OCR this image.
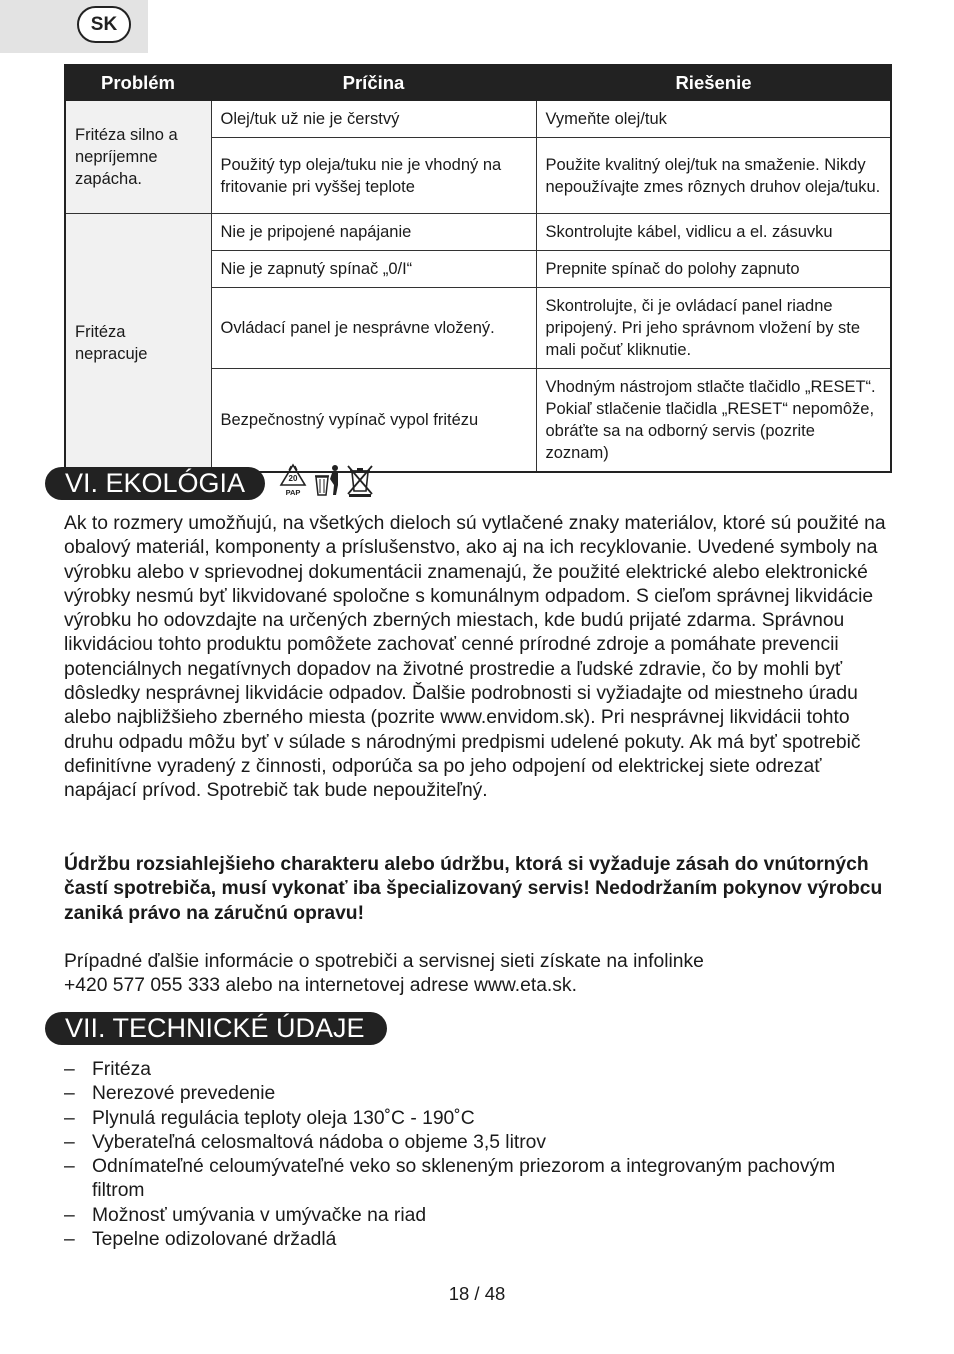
SK
Problém	Príčina	Riešenie
Fritéza silno a nepríjemne zapácha.	Olej/tuk už nie je čerstvý	Vymeňte olej/tuk
	Použitý typ oleja/tuku nie je vhodný na fritovanie pri vyššej teplote	Použite kvalitný olej/tuk na smaženie. Nikdy nepoužívajte zmes rôznych druhov oleja/tuku.
Fritéza nepracuje	Nie je pripojené napájanie	Skontrolujte kábel, vidlicu a el. zásuvku
	Nie je zapnutý spínač „0/I“	Prepnite spínač do polohy zapnuto
	Ovládací panel je nesprávne vložený.	Skontrolujte, či je ovládací panel riadne pripojený. Pri jeho správnom vložení by ste mali počuť kliknutie.
	Bezpečnostný vypínač vypol fritézu	Vhodným nástrojom stlačte tlačidlo „RESET“. Pokiaľ stlačenie tlačidla „RESET“ nepomôže, obráťte sa na odborný servis (pozrite zoznam)
VI. EKOLÓGIA	20
PAP

Ak to rozmery umožňujú, na všetkých dieloch sú vytlačené znaky materiálov, ktoré sú použité na obalový materiál, komponenty a príslušenstvo, ako aj na ich recyklovanie. Uvedené symboly na výrobku alebo v sprievodnej dokumentácii znamenajú, že použité elektrické alebo elektronické výrobky nesmú byť likvidované spoločne s komunálnym odpadom. S cieľom správnej likvidácie výrobku ho odovzdajte na určených zberných miestach, kde budú prijaté zdarma. Správnou likvidáciou tohto produktu pomôžete zachovať cenné prírodné zdroje a pomáhate prevencii potenciálnych negatívnych dopadov na životné prostredie a ľudské zdravie, čo by mohli byť dôsledky nesprávnej likvidácie odpadov. Ďalšie podrobnosti si vyžiadajte od miestneho úradu alebo najbližšieho zberného miesta (pozrite www.envidom.sk). Pri nesprávnej likvidácii tohto druhu odpadu môžu byť v súlade s národnými predpismi udelené pokuty. Ak má byť spotrebič definitívne vyradený z činnosti, odporúča sa po jeho odpojení od elektrickej siete odrezať napájací prívod. Spotrebič tak bude nepoužiteľný.

Údržbu rozsiahlejšieho charakteru alebo údržbu, ktorá si vyžaduje zásah do vnútorných častí spotrebiča, musí vykonať iba špecializovaný servis! Nedodržaním pokynov výrobcu zaniká právo na záručnú opravu!

Prípadné ďalšie informácie o spotrebiči a servisnej sieti získate na infolinke
+420 577 055 333 alebo na internetovej adrese www.eta.sk.

VII. TECHNICKÉ ÚDAJE
– Fritéza
– Nerezové prevedenie
– Plynulá regulácia teploty oleja 130˚C - 190˚C
– Vyberateľná celosmaltová nádoba o objeme 3,5 litrov
– Odnímateľné celoumývateľné veko so skleneným priezorom a integrovaným pachovým filtrom
– Možnosť umývania v umývačke na riad
– Tepelne odizolované držadlá
18 / 48
